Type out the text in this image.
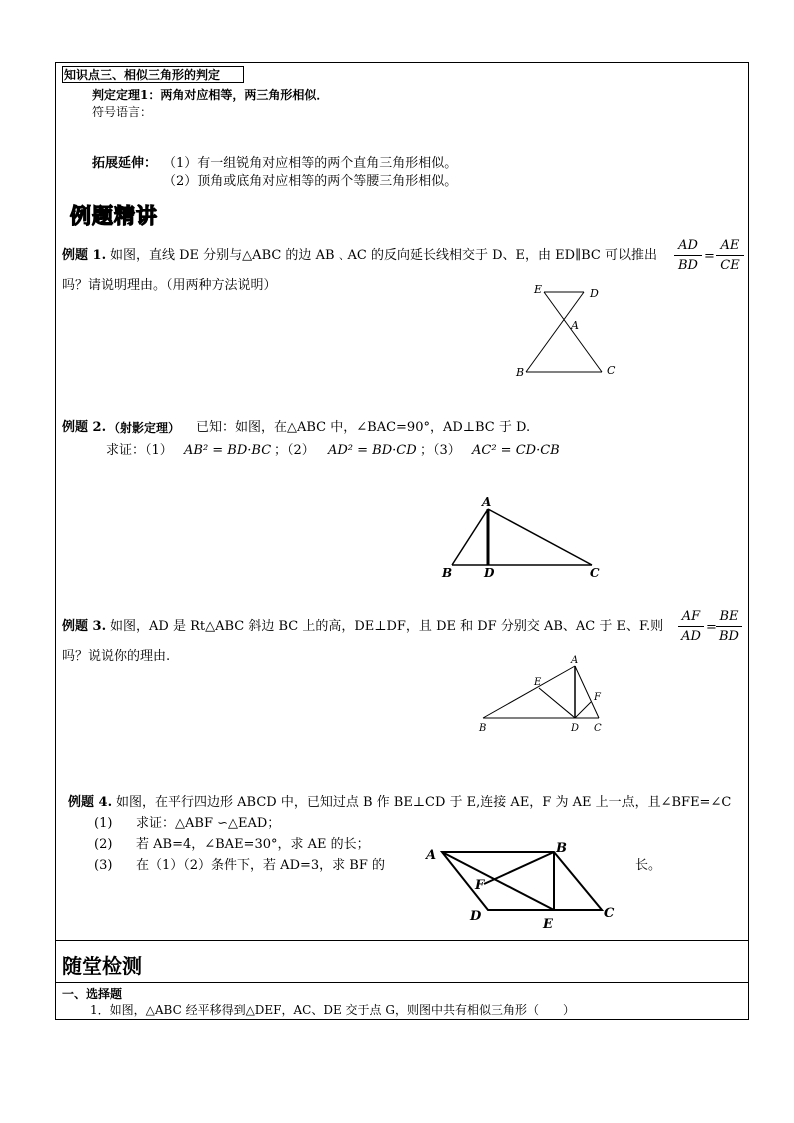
知识点三、相似三角形的判定
判定定理1：两角对应相等，两三角形相似．
符号语言：
拓展延伸： （1）有一组锐角对应相等的两个直角三角形相似。
（2）顶角或底角对应相等的两个等腰三角形相似。
例题精讲
例题 1. 如图，直线 DE 分别与△ABC 的边 AB﹑AC 的反向延长线相交于 D、E，由 ED∥BC 可以推出
AD
BD
=
AE
CE
吗？请说明理由。（用两种方法说明）	E	D
A
B	C
例题 2. （射影定理） 已知：如图，在△ABC 中，∠BAC=90°，AD⊥BC 于 D.
求证：（1） AB² = BD·BC ；（2） AD² = BD·CD ；（3） AC² = CD·CB
A
B	D	C
例题 3. 如图，AD 是 Rt△ABC 斜边 BC 上的高，DE⊥DF，且 DE 和 DF 分别交 AB、AC 于 E、F.则
AF
AD
=
BE
BD
吗？说说你的理由.	A
E
F
B	D C
例题 4. 如图，在平行四边形 ABCD 中，已知过点 B 作 BE⊥CD 于 E,连接 AE，F 为 AE 上一点，且∠BFE=∠C
(1) 求证：△ABF ∽△EAD；
(2) 若 AB=4，∠BAE=30°，求 AE 的长；
(3) 在（1）（2）条件下，若 AD=3，求 BF 的	长。
A	B
F
D
E
C
随堂检测
一、选择题
1．如图，△ABC 经平移得到△DEF，AC、DE 交于点 G，则图中共有相似三角形（　　）
